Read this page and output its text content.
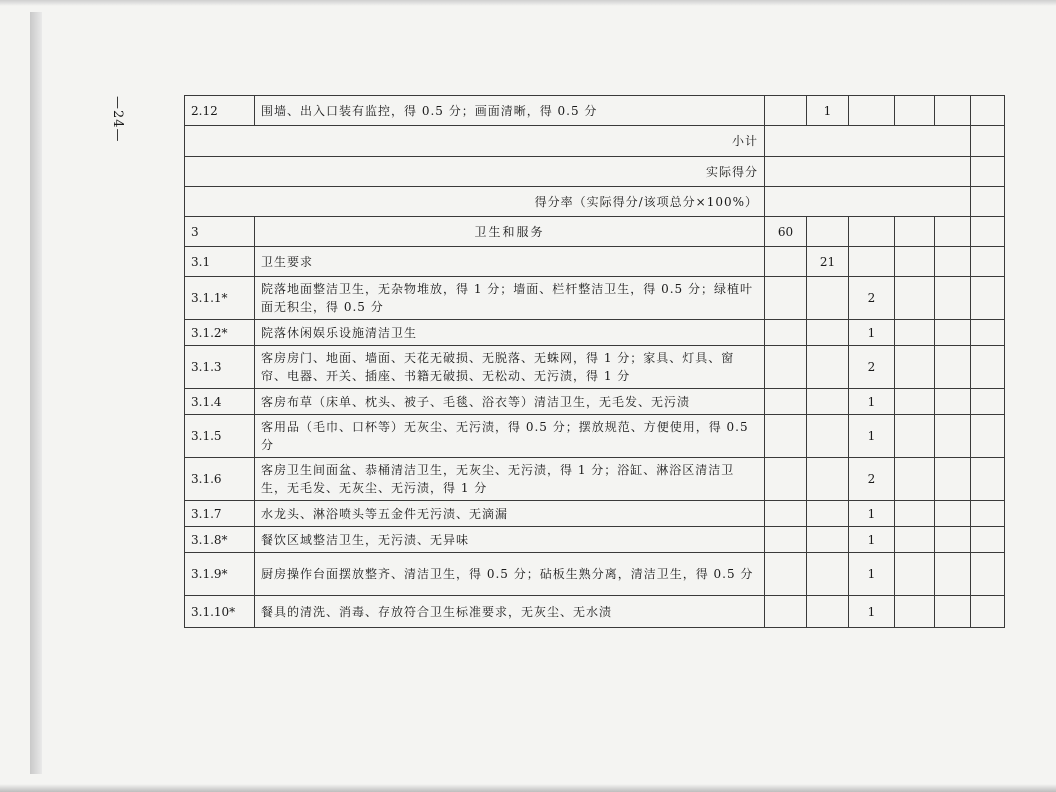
—24—	2.12	围墙、出入口装有监控，得 0.5 分；画面清晰，得 0.5 分		1				
小计							
实际得分							
得分率（实际得分/该项总分×100%）							
3	卫生和服务	60					
3.1	卫生要求		21				
3.1.1*	院落地面整洁卫生，无杂物堆放，得 1 分；墙面、栏杆整洁卫生，得 0.5 分；绿植叶面无积尘，得 0.5 分			2			
3.1.2*	院落休闲娱乐设施清洁卫生			1			
3.1.3	客房房门、地面、墙面、天花无破损、无脱落、无蛛网，得 1 分；家具、灯具、窗帘、电器、开关、插座、书籍无破损、无松动、无污渍，得 1 分			2			
3.1.4	客房布草（床单、枕头、被子、毛毯、浴衣等）清洁卫生，无毛发、无污渍			1			
3.1.5	客用品（毛巾、口杯等）无灰尘、无污渍，得 0.5 分；摆放规范、方便使用，得 0.5 分			1			
3.1.6	客房卫生间面盆、恭桶清洁卫生，无灰尘、无污渍，得 1 分；浴缸、淋浴区清洁卫生，无毛发、无灰尘、无污渍，得 1 分			2			
3.1.7	水龙头、淋浴喷头等五金件无污渍、无滴漏			1			
3.1.8*	餐饮区域整洁卫生，无污渍、无异味			1			
3.1.9*	厨房操作台面摆放整齐、清洁卫生，得 0.5 分；砧板生熟分离，清洁卫生，得 0.5 分			1			
3.1.10*	餐具的清洗、消毒、存放符合卫生标准要求，无灰尘、无水渍			1			
